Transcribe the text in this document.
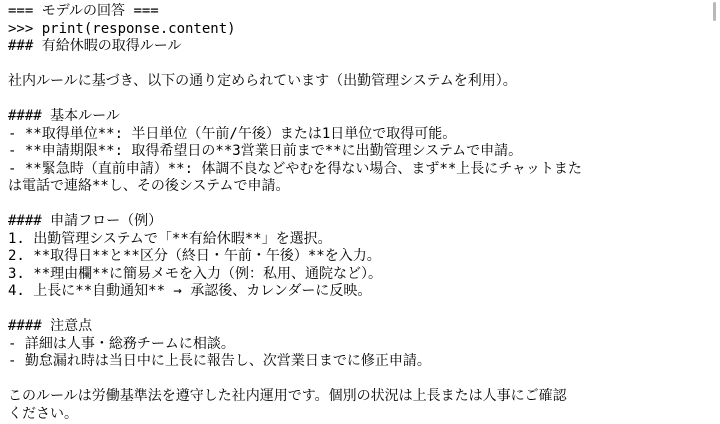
=== モデルの回答 ===
>>> print(response.content)
### 有給休暇の取得ルール
社内ルールに基づき、以下の通り定められています（出勤管理システムを利用）。
#### 基本ルール
- **取得単位**: 半日単位（午前/午後）または1日単位で取得可能。
- **申請期限**: 取得希望日の**3営業日前まで**に出勤管理システムで申請。
- **緊急時（直前申請）**: 体調不良などやむを得ない場合、まず**上長にチャットまた
は電話で連絡**し、その後システムで申請。
#### 申請フロー（例）
1. 出勤管理システムで「**有給休暇**」を選択。
2. **取得日**と**区分（終日・午前・午後）**を入力。
3. **理由欄**に簡易メモを入力（例：私用、通院など）。
4. 上長に**自動通知** → 承認後、カレンダーに反映。
#### 注意点
- 詳細は人事・総務チームに相談。
- 勤怠漏れ時は当日中に上長に報告し、次営業日までに修正申請。
このルールは労働基準法を遵守した社内運用です。個別の状況は上長または人事にご確認
ください。
